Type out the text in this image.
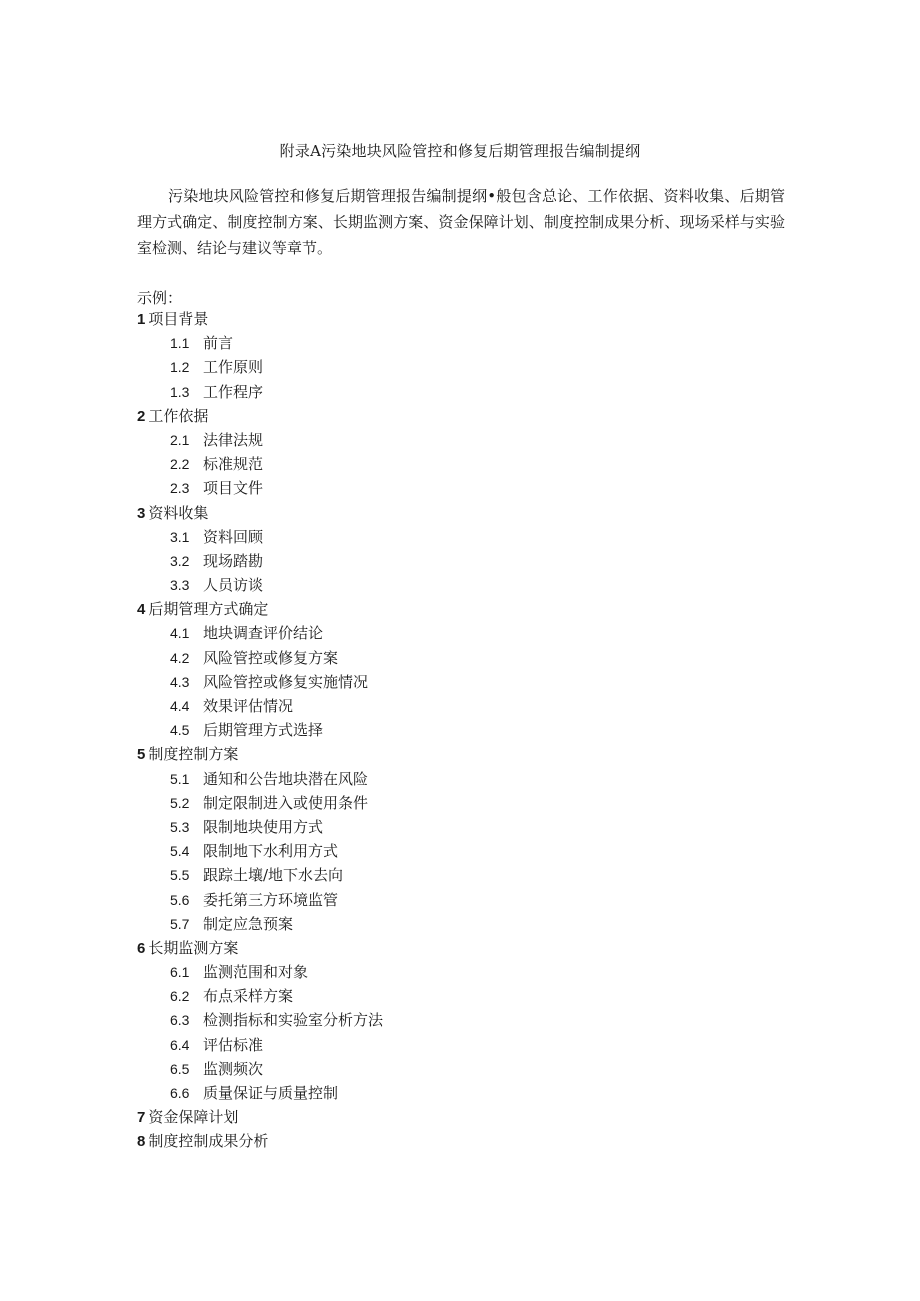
附录A污染地块风险管控和修复后期管理报告编制提纲
污染地块风险管控和修复后期管理报告编制提纲•般包含总论、工作依据、资料收集、后期管理方式确定、制度控制方案、长期监测方案、资金保障计划、制度控制成果分析、现场采样与实验室检测、结论与建议等章节。
示例：
1 项目背景
1.1 前言
1.2 工作原则
1.3 工作程序
2 工作依据
2.1 法律法规
2.2 标准规范
2.3 项目文件
3 资料收集
3.1 资料回顾
3.2 现场踏勘
3.3 人员访谈
4 后期管理方式确定
4.1 地块调查评价结论
4.2 风险管控或修复方案
4.3 风险管控或修复实施情况
4.4 效果评估情况
4.5 后期管理方式选择
5 制度控制方案
5.1 通知和公告地块潜在风险
5.2 制定限制进入或使用条件
5.3 限制地块使用方式
5.4 限制地下水利用方式
5.5 跟踪土壤/地下水去向
5.6 委托第三方环境监管
5.7 制定应急预案
6 长期监测方案
6.1 监测范围和对象
6.2 布点采样方案
6.3 检测指标和实验室分析方法
6.4 评估标准
6.5 监测频次
6.6 质量保证与质量控制
7 资金保障计划
8 制度控制成果分析
